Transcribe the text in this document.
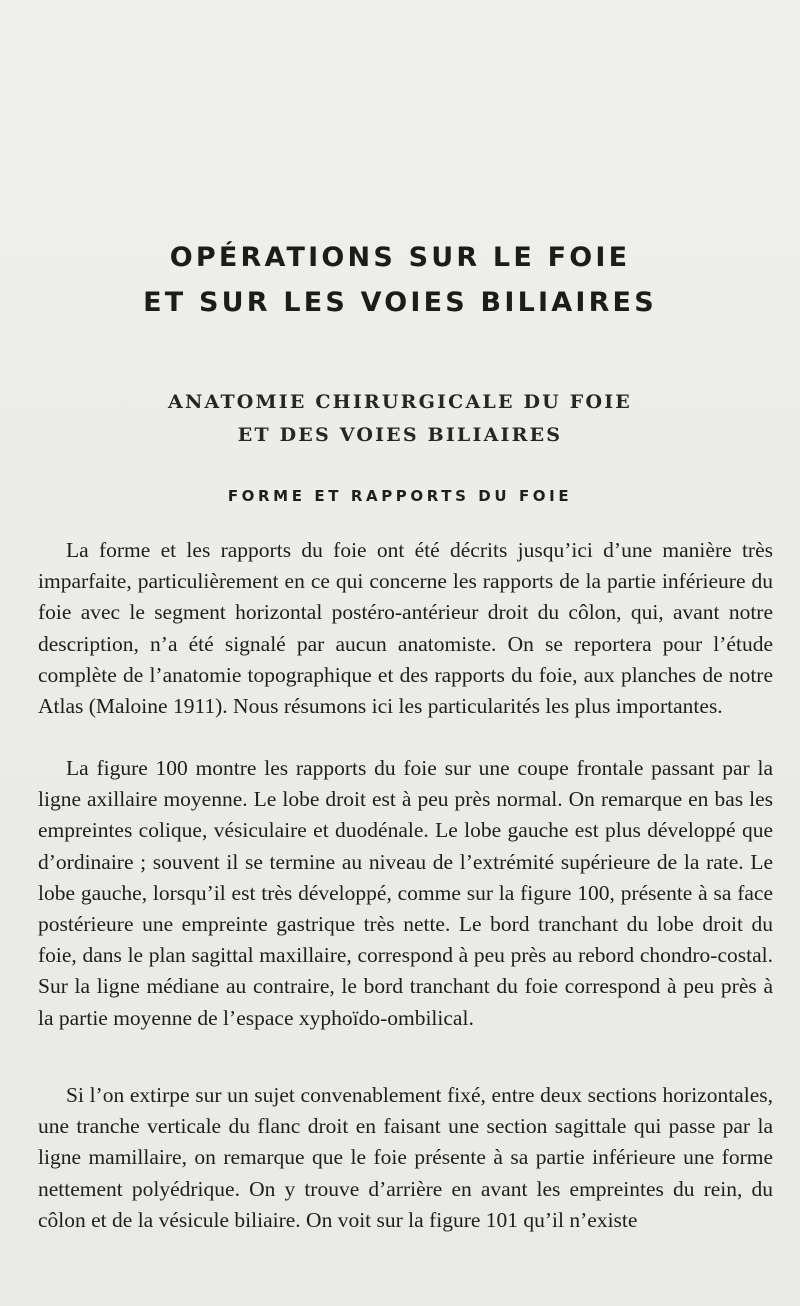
OPÉRATIONS SUR LE FOIE
ET SUR LES VOIES BILIAIRES
ANATOMIE CHIRURGICALE DU FOIE
ET DES VOIES BILIAIRES
FORME ET RAPPORTS DU FOIE

La forme et les rapports du foie ont été décrits jusqu’ici d’une manière très imparfaite, particulièrement en ce qui concerne les rapports de la partie inférieure du foie avec le segment horizontal postéro-antérieur droit du côlon, qui, avant notre description, n’a été signalé par aucun anatomiste. On se reportera pour l’étude complète de l’anatomie topographique et des rapports du foie, aux planches de notre Atlas (Maloine 1911). Nous résumons ici les particularités les plus importantes.

La figure 100 montre les rapports du foie sur une coupe frontale passant par la ligne axillaire moyenne. Le lobe droit est à peu près normal. On remarque en bas les empreintes colique, vésiculaire et duodénale. Le lobe gauche est plus développé que d’ordinaire ; souvent il se termine au niveau de l’extrémité supérieure de la rate. Le lobe gauche, lorsqu’il est très développé, comme sur la figure 100, présente à sa face postérieure une empreinte gastrique très nette. Le bord tranchant du lobe droit du foie, dans le plan sagittal maxillaire, correspond à peu près au rebord chondro-costal. Sur la ligne médiane au contraire, le bord tranchant du foie correspond à peu près à la partie moyenne de l’espace xyphoïdo-ombilical.

Si l’on extirpe sur un sujet convenablement fixé, entre deux sections horizontales, une tranche verticale du flanc droit en faisant une section sagittale qui passe par la ligne mamillaire, on remarque que le foie présente à sa partie inférieure une forme nettement polyédrique. On y trouve d’arrière en avant les empreintes du rein, du côlon et de la vésicule biliaire. On voit sur la figure 101 qu’il n’existe
